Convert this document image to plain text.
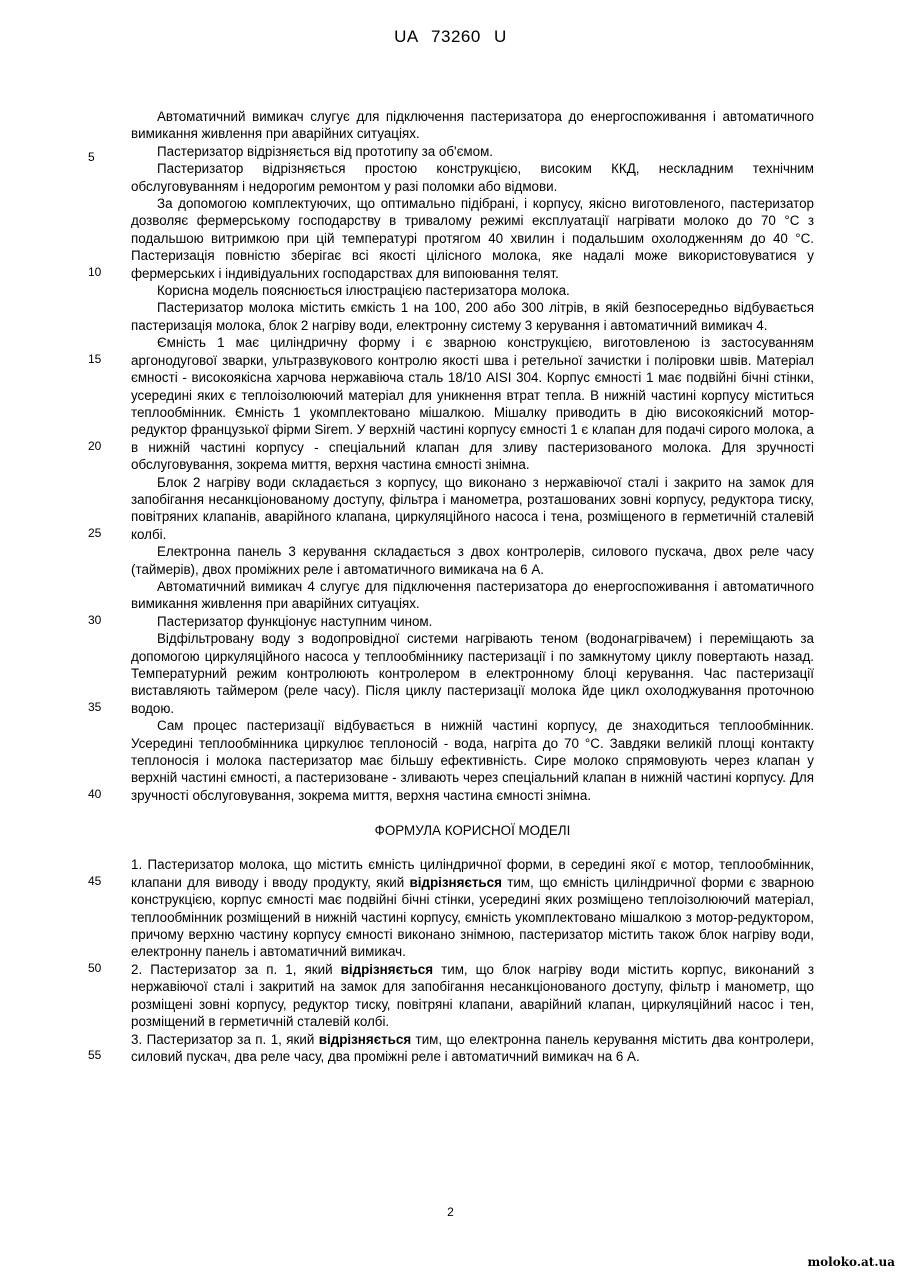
UA 73260 U
5
10
15
20
25
30
35
40
45
50
55

Автоматичний вимикач слугує для підключення пастеризатора до енергоспоживання і автоматичного вимикання живлення при аварійних ситуаціях.

Пастеризатор відрізняється від прототипу за об'ємом.

Пастеризатор відрізняється простою конструкцією, високим ККД, нескладним технічним обслуговуванням і недорогим ремонтом у разі поломки або відмови.

За допомогою комплектуючих, що оптимально підібрані, і корпусу, якісно виготовленого, пастеризатор дозволяє фермерському господарству в тривалому режимі експлуатації нагрівати молоко до 70 °С з подальшою витримкою при цій температурі протягом 40 хвилин і подальшим охолодженням до 40 °С. Пастеризація повністю зберігає всі якості цілісного молока, яке надалі може використовуватися у фермерських і індивідуальних господарствах для випоювання телят.

Корисна модель пояснюється ілюстрацією пастеризатора молока.

Пастеризатор молока містить ємкість 1 на 100, 200 або 300 літрів, в якій безпосередньо відбувається пастеризація молока, блок 2 нагріву води, електронну систему 3 керування і автоматичний вимикач 4.

Ємність 1 має циліндричну форму і є зварною конструкцією, виготовленою із застосуванням аргонодугової зварки, ультразвукового контролю якості шва і ретельної зачистки і поліровки швів. Матеріал ємності - високоякісна харчова нержавіюча сталь 18/10 AISI 304. Корпус ємності 1 має подвійні бічні стінки, усередині яких є теплоізолюючий матеріал для уникнення втрат тепла. В нижній частині корпусу міститься теплообмінник. Ємність 1 укомплектовано мішалкою. Мішалку приводить в дію високоякісний мотор-редуктор французької фірми Sirem. У верхній частині корпусу ємності 1 є клапан для подачі сирого молока, а в нижній частині корпусу - спеціальний клапан для зливу пастеризованого молока. Для зручності обслуговування, зокрема миття, верхня частина ємності знімна.

Блок 2 нагріву води складається з корпусу, що виконано з нержавіючої сталі і закрито на замок для запобігання несанкціонованому доступу, фільтра і манометра, розташованих зовні корпусу, редуктора тиску, повітряних клапанів, аварійного клапана, циркуляційного насоса і тена, розміщеного в герметичній сталевій колбі.

Електронна панель 3 керування складається з двох контролерів, силового пускача, двох реле часу (таймерів), двох проміжних реле і автоматичного вимикача на 6 А.

Автоматичний вимикач 4 слугує для підключення пастеризатора до енергоспоживання і автоматичного вимикання живлення при аварійних ситуаціях.

Пастеризатор функціонує наступним чином.

Відфільтровану воду з водопровідної системи нагрівають теном (водонагрівачем) і переміщають за допомогою циркуляційного насоса у теплообміннику пастеризації і по замкнутому циклу повертають назад. Температурний режим контролюють контролером в електронному блоці керування. Час пастеризації виставляють таймером (реле часу). Після циклу пастеризації молока йде цикл охолоджування проточною водою.

Сам процес пастеризації відбувається в нижній частині корпусу, де знаходиться теплообмінник. Усередині теплообмінника циркулює теплоносій - вода, нагріта до 70 °С. Завдяки великій площі контакту теплоносія і молока пастеризатор має більшу ефективність. Сире молоко спрямовують через клапан у верхній частині ємності, а пастеризоване - зливають через спеціальний клапан в нижній частині корпусу. Для зручності обслуговування, зокрема миття, верхня частина ємності знімна.

ФОРМУЛА КОРИСНОЇ МОДЕЛІ

1. Пастеризатор молока, що містить ємність циліндричної форми, в середині якої є мотор, теплообмінник, клапани для виводу і вводу продукту, який відрізняється тим, що ємність циліндричної форми є зварною конструкцією, корпус ємності має подвійні бічні стінки, усередині яких розміщено теплоізолюючий матеріал, теплообмінник розміщений в нижній частині корпусу, ємність укомплектовано мішалкою з мотор-редуктором, причому верхню частину корпусу ємності виконано знімною, пастеризатор містить також блок нагріву води, електронну панель і автоматичний вимикач.

2. Пастеризатор за п. 1, який відрізняється тим, що блок нагріву води містить корпус, виконаний з нержавіючої сталі і закритий на замок для запобігання несанкціонованого доступу, фільтр і манометр, що розміщені зовні корпусу, редуктор тиску, повітряні клапани, аварійний клапан, циркуляційний насос і тен, розміщений в герметичній сталевій колбі.

3. Пастеризатор за п. 1, який відрізняється тим, що електронна панель керування містить два контролери, силовий пускач, два реле часу, два проміжні реле і автоматичний вимикач на 6 А.

2
moloko.at.ua
